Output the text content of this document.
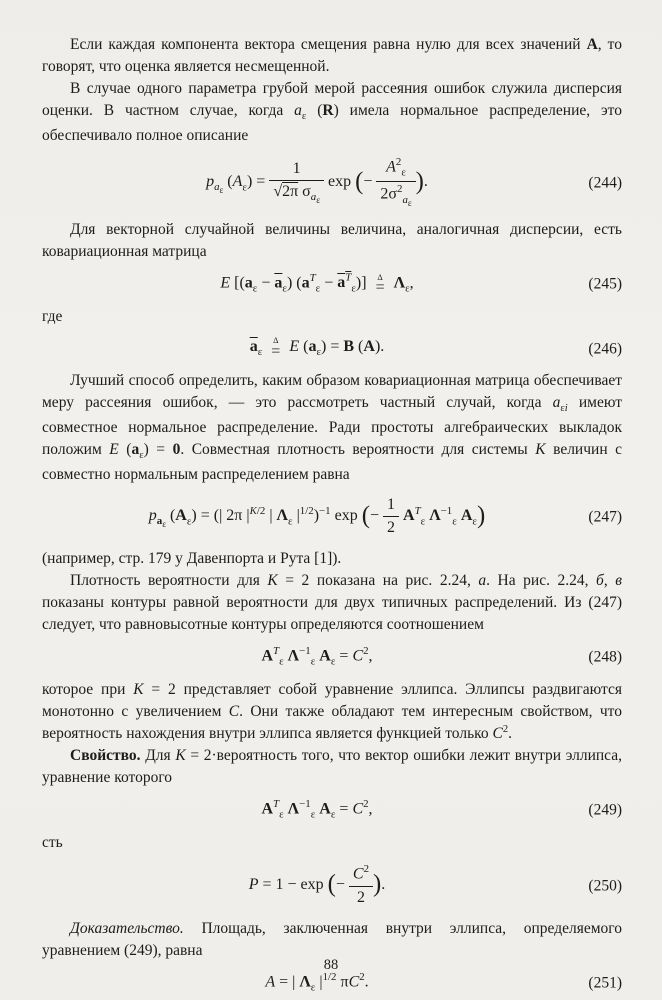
Если каждая компонента вектора смещения равна нулю для всех значений А, то говорят, что оценка является несмещенной.

В случае одного параметра грубой мерой рассеяния ошибок служила дисперсия оценки. В частном случае, когда $a_\varepsilon$ (R) имела нормальное распределение, это обеспечивало полное описание

$p_{a_\varepsilon}$ $(A_\varepsilon) = \frac{1}{√2\pi \sigma_{a_\varepsilon}}$ exp (− $\frac{A^2_\varepsilon}{2\sigma^2_{a_\varepsilon}}$ ).	(244)

Для векторной случайной величины величина, аналогичная дисперсии, есть ковариационная матрица

E $[(a_\varepsilon - \overline{a}_\varepsilon) (a^T_\varepsilon - a^T_\varepsilon)]$ Δ
= $\Lambda_\varepsilon$,	(245)

где

$\overline{a}_\varepsilon$
Δ
= E $(a_\varepsilon) = B$ (A).	(246)

Лучший способ определить, каким образом ковариационная матрица обеспечивает меру рассеяния ошибок, — это рассмотреть частный случай, когда $a_{\varepsilon i}$ имеют совместное нормальное распределение. Ради простоты алгебраических выкладок положим E $(a_\varepsilon) = 0$. Совместная плотность вероятности для системы K величин с совместно нормальным распределением равна

$p_{a_\varepsilon}$ $(A_\varepsilon)$ = (| 2π $|^{K/2}$ | $\Lambda_\varepsilon$ $|^{1/2})^{-1}$ exp (− $\frac{1}{2} A^T_\varepsilon$ $\Lambda^{-1}_\varepsilon$ $A_\varepsilon$)	(247)

(например, стр. 179 у Давенпорта и Рута [1]).

Плотность вероятности для K = 2 показана на рис. 2.24, а. На рис. 2.24, б, в показаны контуры равной вероятности для двух типичных распределений. Из (247) следует, что равновысотные контуры определяются соотношением

$A^T_\varepsilon$ $\Lambda^{-1}_\varepsilon$ $A_\varepsilon = C^2$,	(248)

которое при K = 2 представляет собой уравнение эллипса. Эллипсы раздвигаются монотонно с увеличением C. Они также обладают тем интересным свойством, что вероятность нахождения внутри эллипса является функцией только $C^2$.

Свойство. Для K = 2·вероятность того, что вектор ошибки лежит внутри эллипса, уравнение которого

$A^T_\varepsilon$ $\Lambda^{-1}_\varepsilon$ $A_\varepsilon = C^2$,	(249)

сть

P = 1 − exp (− $\frac{C^2}{2}$ ).	(250)

Доказательство. Площадь, заключенная внутри эллипса, определяемого уравнением (249), равна

A = | $\Lambda_\varepsilon$ $|^{1/2}$ $\pi C^2$.	(251)
88
